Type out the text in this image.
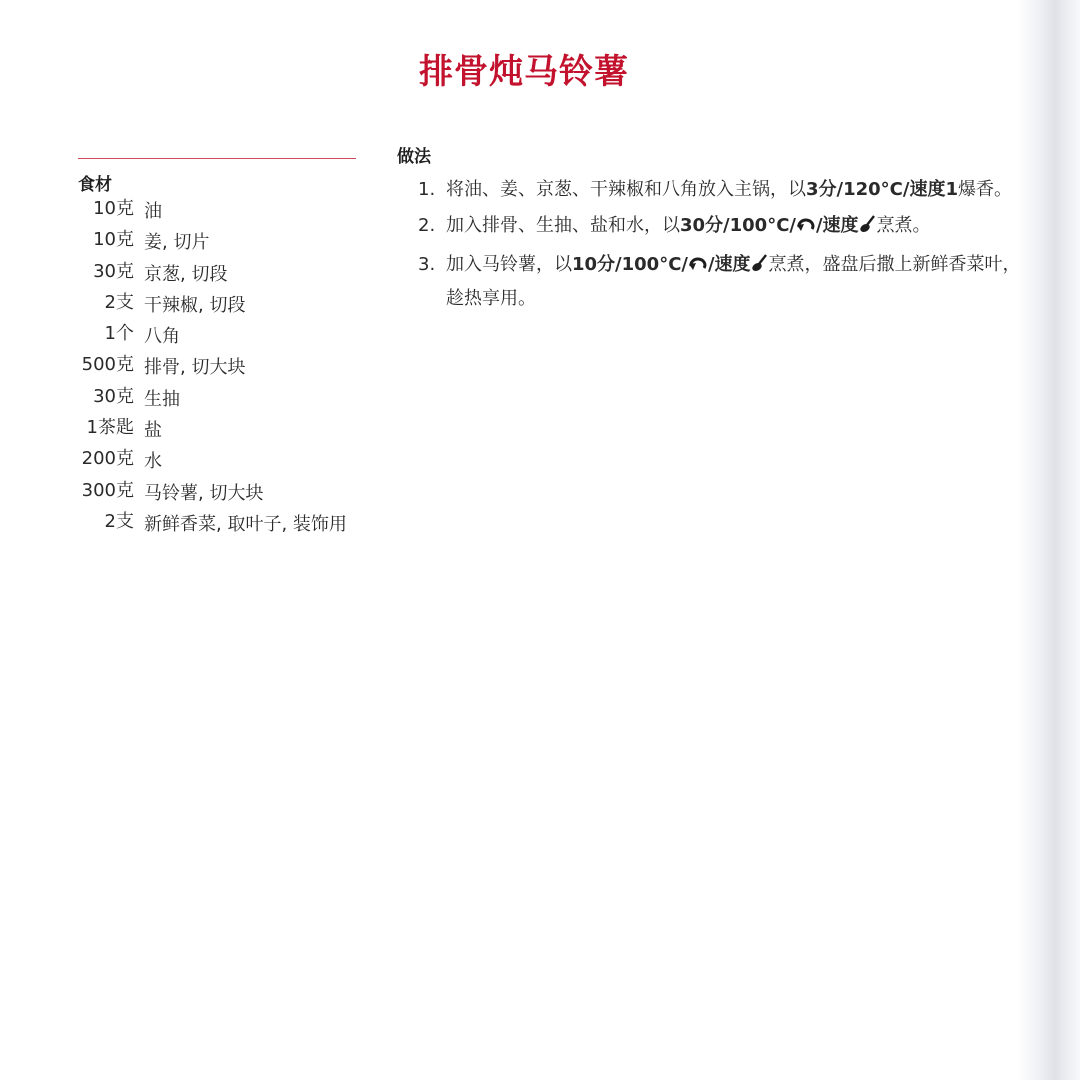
排骨炖马铃薯
食材
10克 油
10克 姜, 切片
30克 京葱, 切段
2支 干辣椒, 切段
1个 八角
500克 排骨, 切大块
30克 生抽
1茶匙 盐
200克 水
300克 马铃薯, 切大块
2支 新鲜香菜, 取叶子, 装饰用
做法
1. 将油、姜、京葱、干辣椒和八角放入主锅，以3分/120°C/速度1爆香。
2. 加入排骨、生抽、盐和水，以30分/100°C/ /速度 烹煮。
3. 加入马铃薯，以10分/100°C/ /速度 烹煮，盛盘后撒上新鲜香菜叶，趁热享用。
